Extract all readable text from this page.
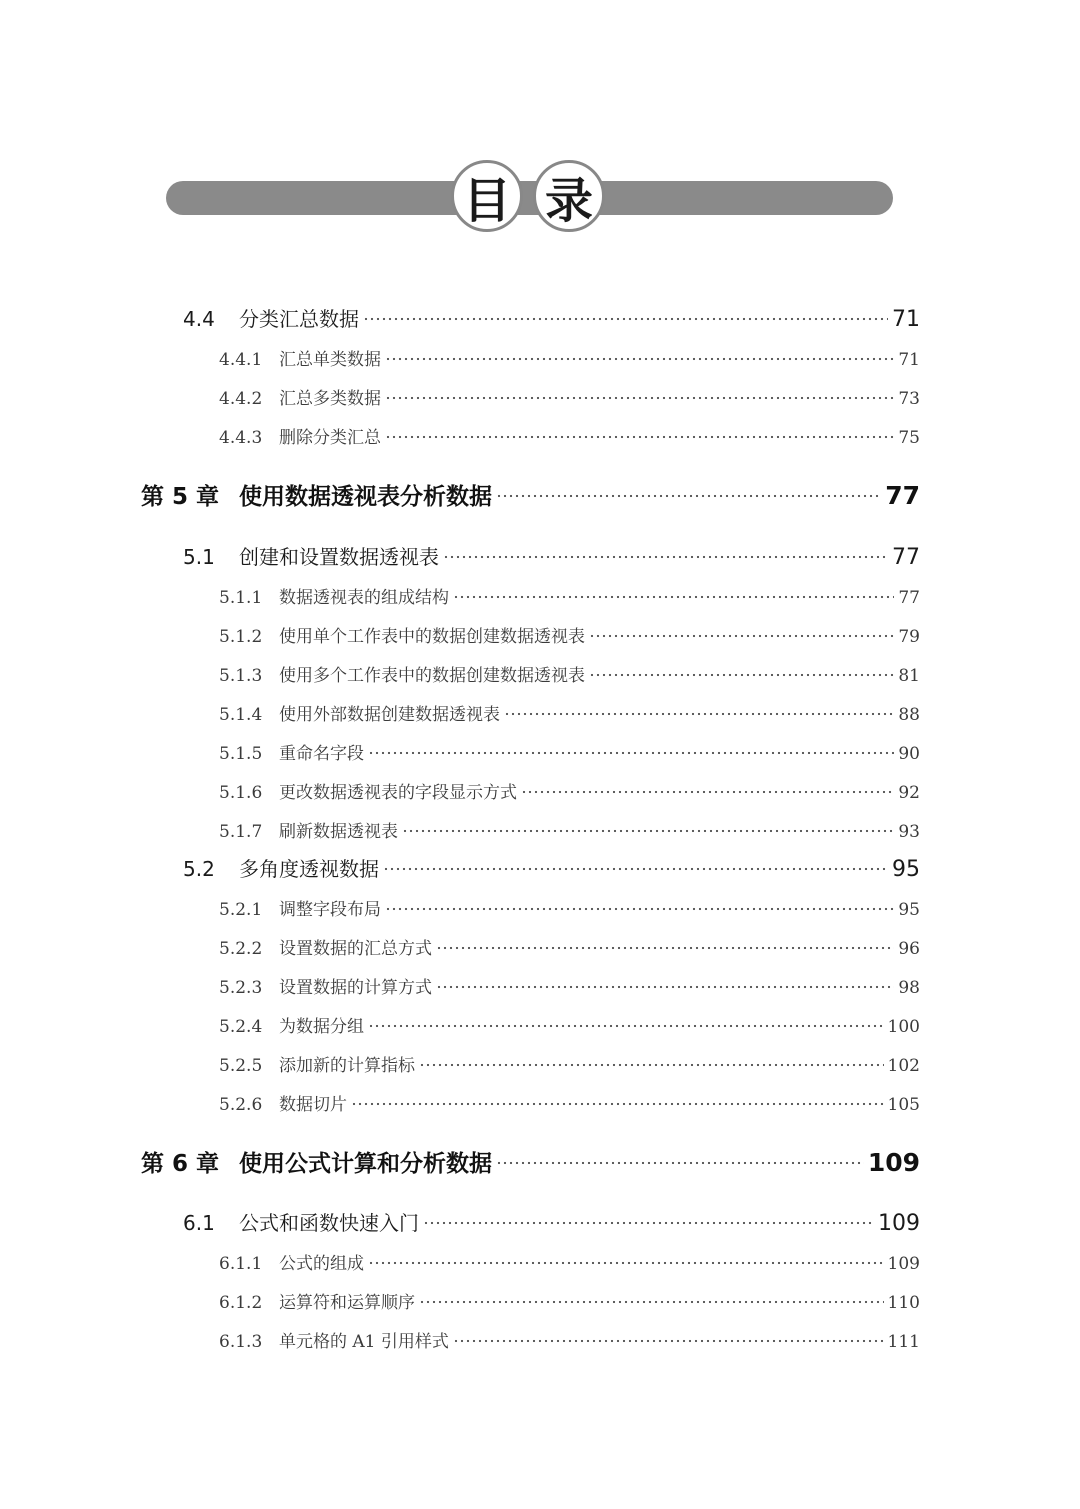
目 录
4.4	分类汇总数据	71
4.4.1 汇总单类数据	71
4.4.2 汇总多类数据	73
4.4.3 删除分类汇总	75
第 5 章 使用数据透视表分析数据	77
5.1	创建和设置数据透视表	77
5.1.1 数据透视表的组成结构	77
5.1.2 使用单个工作表中的数据创建数据透视表	79
5.1.3 使用多个工作表中的数据创建数据透视表	81
5.1.4 使用外部数据创建数据透视表	88
5.1.5 重命名字段	90
5.1.6 更改数据透视表的字段显示方式	92
5.1.7 刷新数据透视表	93
5.2	多角度透视数据	95
5.2.1 调整字段布局	95
5.2.2 设置数据的汇总方式	96
5.2.3 设置数据的计算方式	98
5.2.4 为数据分组	100
5.2.5 添加新的计算指标	102
5.2.6 数据切片	105
第 6 章 使用公式计算和分析数据	109
6.1	公式和函数快速入门	109
6.1.1 公式的组成	109
6.1.2 运算符和运算顺序	110
6.1.3 单元格的 A1 引用样式	111
